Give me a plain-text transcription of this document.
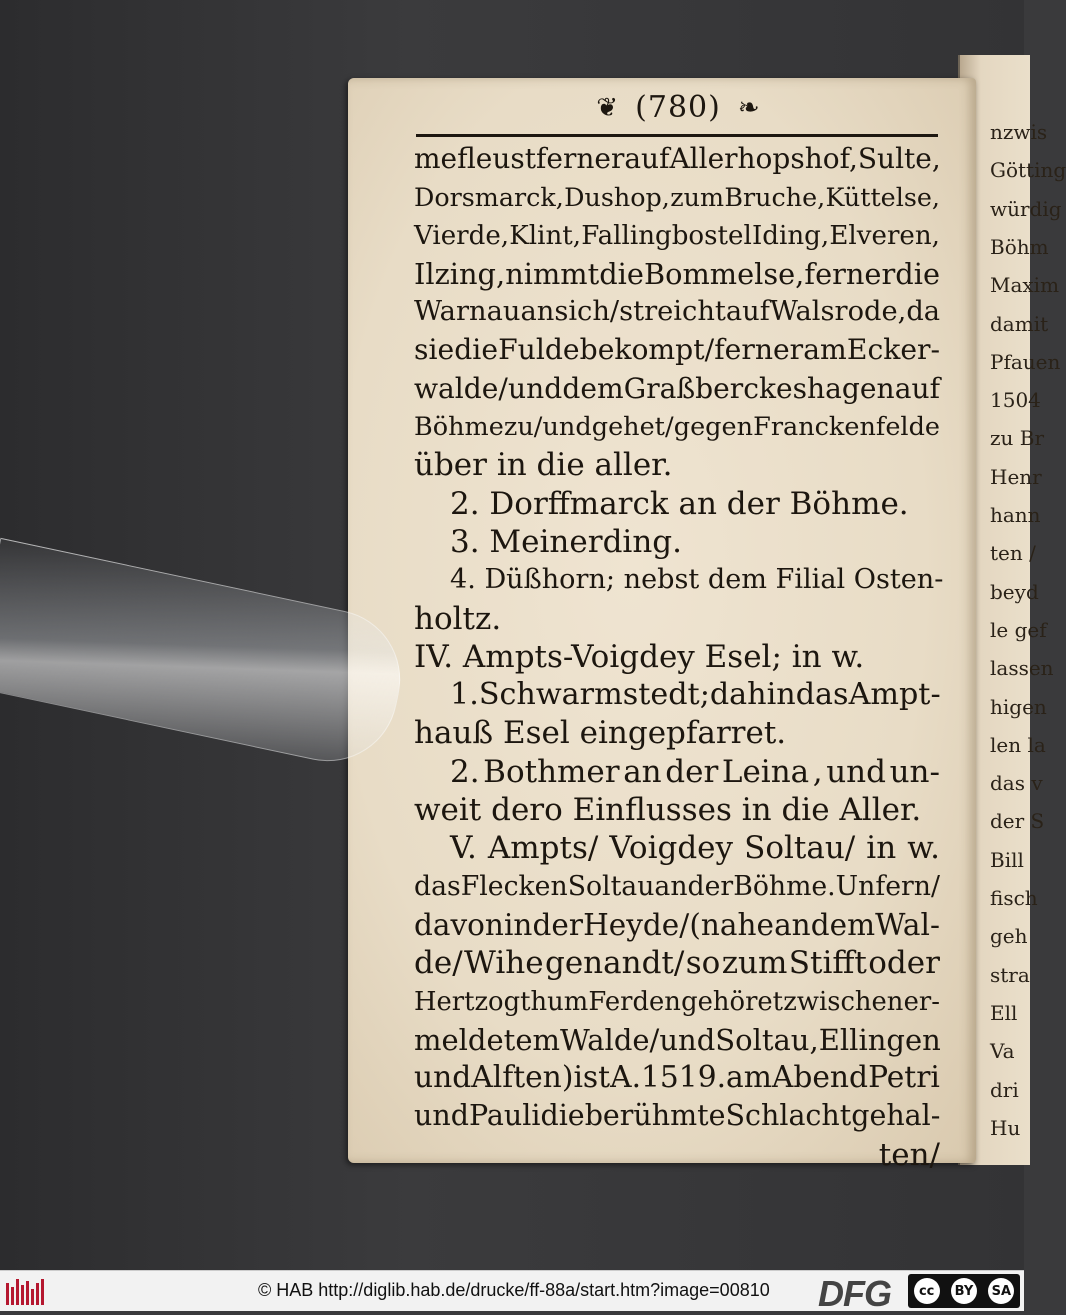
nzwis
Götting
würdig
Böhm
Maxim
damit
Pfauen
1504
zu Br
Henr
hann
ten /
beyd
le gef
lassen
higen
len la
das v
der S
Bill
fisch
geh
stra
Ell
Va
dri
Hu
❦ (780) ❧
me fleust ferner auf Allerhopshof, Sulte,
Dorsmarck, Dushop, zum Bruche, Küttelse,
Vierde, Klint, Fallingbostel Iding, Elveren,
Ilzing , nimmt die Bommelse, ferner die
Warnau an sich/ streicht auf Walsrode, da
sie die Fulde bekompt / ferner am Ecker-
walde/ und dem Graßberckeshagen auf
Böhme zu/ und gehet / gegen Franckenfelde
über in die aller.
2. Dorffmarck an der Böhme.
3. Meinerding.
4. Düßhorn; nebst dem Filial Osten-
holtz.
IV. Ampts-Voigdey Esel; in w.
1. Schwarmstedt ; dahin das Ampt-
hauß Esel eingepfarret.
2. Bothmer an der Leina , und un-
weit dero Einflusses in die Aller.
V. Ampts/ Voigdey Soltau/ in w.
das Flecken Soltau an der Böhme. Unfern/
davon in der Heyde/ ( nahe an dem Wal-
de/ Wihe genandt/ so zum Stifft oder
Hertzogthum Ferden gehöret zwischen er-
meldetem Walde/ und Soltau , Ellingen
und Alften ) ist A. 1519. am Abend Petri
und Pauli die berühmte Schlacht gehal-
ten/
© HAB http://diglib.hab.de/drucke/ff-88a/start.htm?image=00810 DFG	cc	BY SA
